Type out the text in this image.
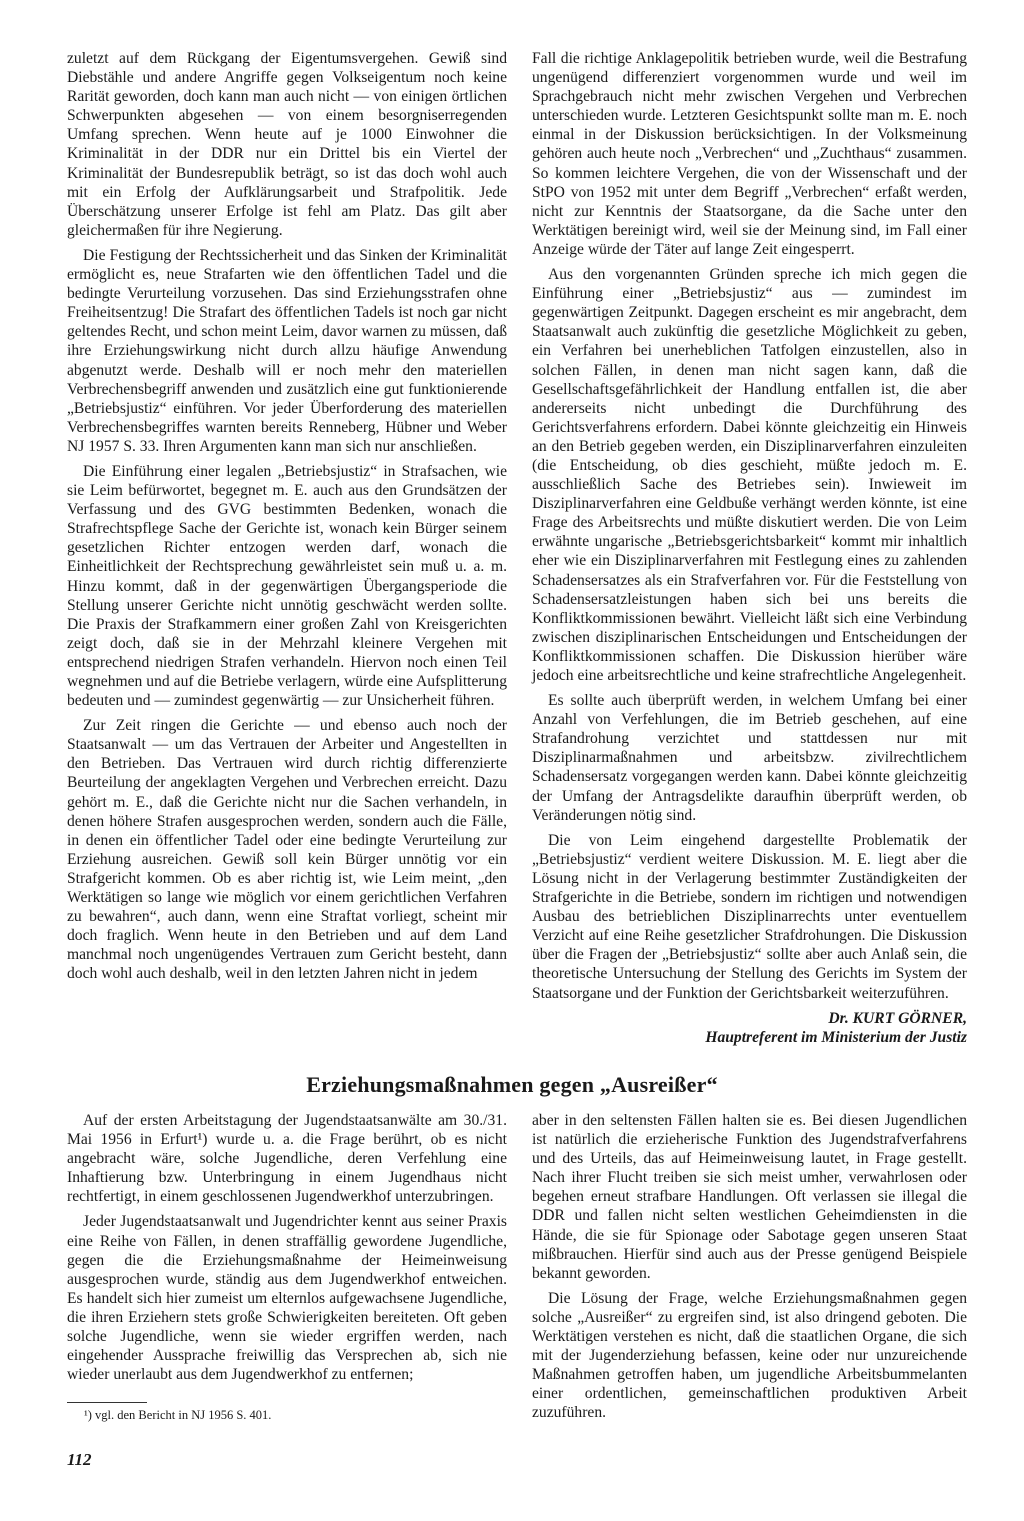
zuletzt auf dem Rückgang der Eigentumsvergehen. Gewiß sind Diebstähle und andere Angriffe gegen Volkseigentum noch keine Rarität geworden, doch kann man auch nicht — von einigen örtlichen Schwerpunkten abgesehen — von einem besorgniserregenden Umfang sprechen. Wenn heute auf je 1000 Einwohner die Kriminalität in der DDR nur ein Drittel bis ein Viertel der Kriminalität der Bundesrepublik beträgt, so ist das doch wohl auch mit ein Erfolg der Aufklärungsarbeit und Strafpolitik. Jede Überschätzung unserer Erfolge ist fehl am Platz. Das gilt aber gleichermaßen für ihre Negierung.

Die Festigung der Rechtssicherheit und das Sinken der Kriminalität ermöglicht es, neue Strafarten wie den öffentlichen Tadel und die bedingte Verurteilung vorzusehen. Das sind Erziehungsstrafen ohne Freiheitsentzug! Die Strafart des öffentlichen Tadels ist noch gar nicht geltendes Recht, und schon meint Leim, davor warnen zu müssen, daß ihre Erziehungswirkung nicht durch allzu häufige Anwendung abgenutzt werde. Deshalb will er noch mehr den materiellen Verbrechensbegriff anwenden und zusätzlich eine gut funktionierende „Betriebsjustiz“ einführen. Vor jeder Überforderung des materiellen Verbrechensbegriffes warnten bereits Renneberg, Hübner und Weber NJ 1957 S. 33. Ihren Argumenten kann man sich nur anschließen.

Die Einführung einer legalen „Betriebsjustiz“ in Strafsachen, wie sie Leim befürwortet, begegnet m. E. auch aus den Grundsätzen der Verfassung und des GVG bestimmten Bedenken, wonach die Strafrechtspflege Sache der Gerichte ist, wonach kein Bürger seinem gesetzlichen Richter entzogen werden darf, wonach die Einheitlichkeit der Rechtsprechung gewährleistet sein muß u. a. m. Hinzu kommt, daß in der gegenwärtigen Übergangsperiode die Stellung unserer Gerichte nicht unnötig geschwächt werden sollte. Die Praxis der Strafkammern einer großen Zahl von Kreisgerichten zeigt doch, daß sie in der Mehrzahl kleinere Vergehen mit entsprechend niedrigen Strafen verhandeln. Hiervon noch einen Teil wegnehmen und auf die Betriebe verlagern, würde eine Aufsplitterung bedeuten und — zumindest gegenwärtig — zur Unsicherheit führen.

Zur Zeit ringen die Gerichte — und ebenso auch noch der Staatsanwalt — um das Vertrauen der Arbeiter und Angestellten in den Betrieben. Das Vertrauen wird durch richtig differenzierte Beurteilung der angeklagten Vergehen und Verbrechen erreicht. Dazu gehört m. E., daß die Gerichte nicht nur die Sachen verhandeln, in denen höhere Strafen ausgesprochen werden, sondern auch die Fälle, in denen ein öffentlicher Tadel oder eine bedingte Verurteilung zur Erziehung ausreichen. Gewiß soll kein Bürger unnötig vor ein Strafgericht kommen. Ob es aber richtig ist, wie Leim meint, „den Werktätigen so lange wie möglich vor einem gerichtlichen Verfahren zu bewahren“, auch dann, wenn eine Straftat vorliegt, scheint mir doch fraglich. Wenn heute in den Betrieben und auf dem Land manchmal noch ungenügendes Vertrauen zum Gericht besteht, dann doch wohl auch deshalb, weil in den letzten Jahren nicht in jedem

Fall die richtige Anklagepolitik betrieben wurde, weil die Bestrafung ungenügend differenziert vorgenommen wurde und weil im Sprachgebrauch nicht mehr zwischen Vergehen und Verbrechen unterschieden wurde. Letzteren Gesichtspunkt sollte man m. E. noch einmal in der Diskussion berücksichtigen. In der Volksmeinung gehören auch heute noch „Verbrechen“ und „Zuchthaus“ zusammen. So kommen leichtere Vergehen, die von der Wissenschaft und der StPO von 1952 mit unter dem Begriff „Verbrechen“ erfaßt werden, nicht zur Kenntnis der Staatsorgane, da die Sache unter den Werktätigen bereinigt wird, weil sie der Meinung sind, im Fall einer Anzeige würde der Täter auf lange Zeit eingesperrt.

Aus den vorgenannten Gründen spreche ich mich gegen die Einführung einer „Betriebsjustiz“ aus — zumindest im gegenwärtigen Zeitpunkt. Dagegen erscheint es mir angebracht, dem Staatsanwalt auch zukünftig die gesetzliche Möglichkeit zu geben, ein Verfahren bei unerheblichen Tatfolgen einzustellen, also in solchen Fällen, in denen man nicht sagen kann, daß die Gesellschaftsgefährlichkeit der Handlung entfallen ist, die aber andererseits nicht unbedingt die Durchführung des Gerichtsverfahrens erfordern. Dabei könnte gleichzeitig ein Hinweis an den Betrieb gegeben werden, ein Disziplinarverfahren einzuleiten (die Entscheidung, ob dies geschieht, müßte jedoch m. E. ausschließlich Sache des Betriebes sein). Inwieweit im Disziplinarverfahren eine Geldbuße verhängt werden könnte, ist eine Frage des Arbeitsrechts und müßte diskutiert werden. Die von Leim erwähnte ungarische „Betriebsgerichtsbarkeit“ kommt mir inhaltlich eher wie ein Disziplinarverfahren mit Festlegung eines zu zahlenden Schadensersatzes als ein Strafverfahren vor. Für die Feststellung von Schadensersatzleistungen haben sich bei uns bereits die Konfliktkommissionen bewährt. Vielleicht läßt sich eine Verbindung zwischen disziplinarischen Entscheidungen und Entscheidungen der Konfliktkommissionen schaffen. Die Diskussion hierüber wäre jedoch eine arbeitsrechtliche und keine strafrechtliche Angelegenheit.

Es sollte auch überprüft werden, in welchem Umfang bei einer Anzahl von Verfehlungen, die im Betrieb geschehen, auf eine Strafandrohung verzichtet und stattdessen nur mit Disziplinarmaßnahmen und arbeitsbzw. zivilrechtlichem Schadensersatz vorgegangen werden kann. Dabei könnte gleichzeitig der Umfang der Antragsdelikte daraufhin überprüft werden, ob Veränderungen nötig sind.

Die von Leim eingehend dargestellte Problematik der „Betriebsjustiz“ verdient weitere Diskussion. M. E. liegt aber die Lösung nicht in der Verlagerung bestimmter Zuständigkeiten der Strafgerichte in die Betriebe, sondern im richtigen und notwendigen Ausbau des betrieblichen Disziplinarrechts unter eventuellem Verzicht auf eine Reihe gesetzlicher Strafdrohungen. Die Diskussion über die Fragen der „Betriebsjustiz“ sollte aber auch Anlaß sein, die theoretische Untersuchung der Stellung des Gerichts im System der Staatsorgane und der Funktion der Gerichtsbarkeit weiterzuführen.

Dr. KURT GÖRNER,
Hauptreferent im Ministerium der Justiz
Erziehungsmaßnahmen gegen „Ausreißer“

Auf der ersten Arbeitstagung der Jugendstaatsanwälte am 30./31. Mai 1956 in Erfurt¹) wurde u. a. die Frage berührt, ob es nicht angebracht wäre, solche Jugendliche, deren Verfehlung eine Inhaftierung bzw. Unterbringung in einem Jugendhaus nicht rechtfertigt, in einem geschlossenen Jugendwerkhof unterzubringen.

Jeder Jugendstaatsanwalt und Jugendrichter kennt aus seiner Praxis eine Reihe von Fällen, in denen straffällig gewordene Jugendliche, gegen die die Erziehungsmaßnahme der Heimeinweisung ausgesprochen wurde, ständig aus dem Jugendwerkhof entweichen. Es handelt sich hier zumeist um elternlos aufgewachsene Jugendliche, die ihren Erziehern stets große Schwierigkeiten bereiteten. Oft geben solche Jugendliche, wenn sie wieder ergriffen werden, nach eingehender Aussprache freiwillig das Versprechen ab, sich nie wieder unerlaubt aus dem Jugendwerkhof zu entfernen;

aber in den seltensten Fällen halten sie es. Bei diesen Jugendlichen ist natürlich die erzieherische Funktion des Jugendstrafverfahrens und des Urteils, das auf Heimeinweisung lautet, in Frage gestellt. Nach ihrer Flucht treiben sie sich meist umher, verwahrlosen oder begehen erneut strafbare Handlungen. Oft verlassen sie illegal die DDR und fallen nicht selten westlichen Geheimdiensten in die Hände, die sie für Spionage oder Sabotage gegen unseren Staat mißbrauchen. Hierfür sind auch aus der Presse genügend Beispiele bekannt geworden.

Die Lösung der Frage, welche Erziehungsmaßnahmen gegen solche „Ausreißer“ zu ergreifen sind, ist also dringend geboten. Die Werktätigen verstehen es nicht, daß die staatlichen Organe, die sich mit der Jugenderziehung befassen, keine oder nur unzureichende Maßnahmen getroffen haben, um jugendliche Arbeitsbummelanten einer ordentlichen, gemeinschaftlichen produktiven Arbeit zuzuführen.

¹) vgl. den Bericht in NJ 1956 S. 401.
112
